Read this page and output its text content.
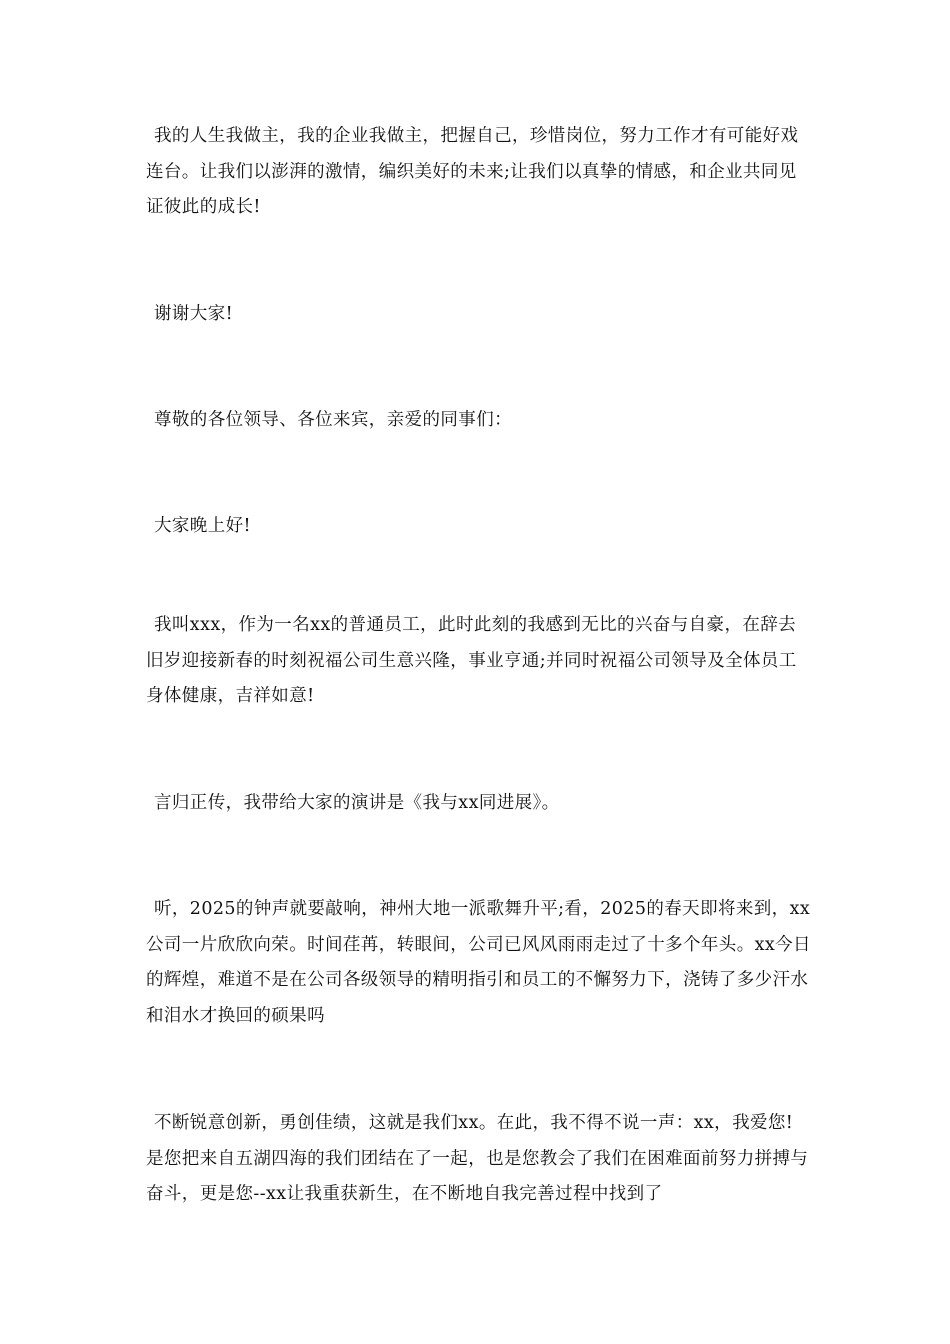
我的人生我做主，我的企业我做主，把握自己，珍惜岗位，努力工作才有可能好戏连台。让我们以澎湃的激情，编织美好的未来;让我们以真挚的情感，和企业共同见证彼此的成长!

谢谢大家!

尊敬的各位领导、各位来宾，亲爱的同事们：

大家晚上好!

我叫xxx，作为一名xx的普通员工，此时此刻的我感到无比的兴奋与自豪，在辞去旧岁迎接新春的时刻祝福公司生意兴隆，事业亨通;并同时祝福公司领导及全体员工身体健康，吉祥如意!

言归正传，我带给大家的演讲是《我与xx同进展》。

听，2025的钟声就要敲响，神州大地一派歌舞升平;看，2025的春天即将来到，xx公司一片欣欣向荣。时间荏苒，转眼间，公司已风风雨雨走过了十多个年头。xx今日的辉煌，难道不是在公司各级领导的精明指引和员工的不懈努力下，浇铸了多少汗水和泪水才换回的硕果吗

不断锐意创新，勇创佳绩，这就是我们xx。在此，我不得不说一声：xx，我爱您!是您把来自五湖四海的我们团结在了一起，也是您教会了我们在困难面前努力拼搏与奋斗，更是您--xx让我重获新生，在不断地自我完善过程中找到了
